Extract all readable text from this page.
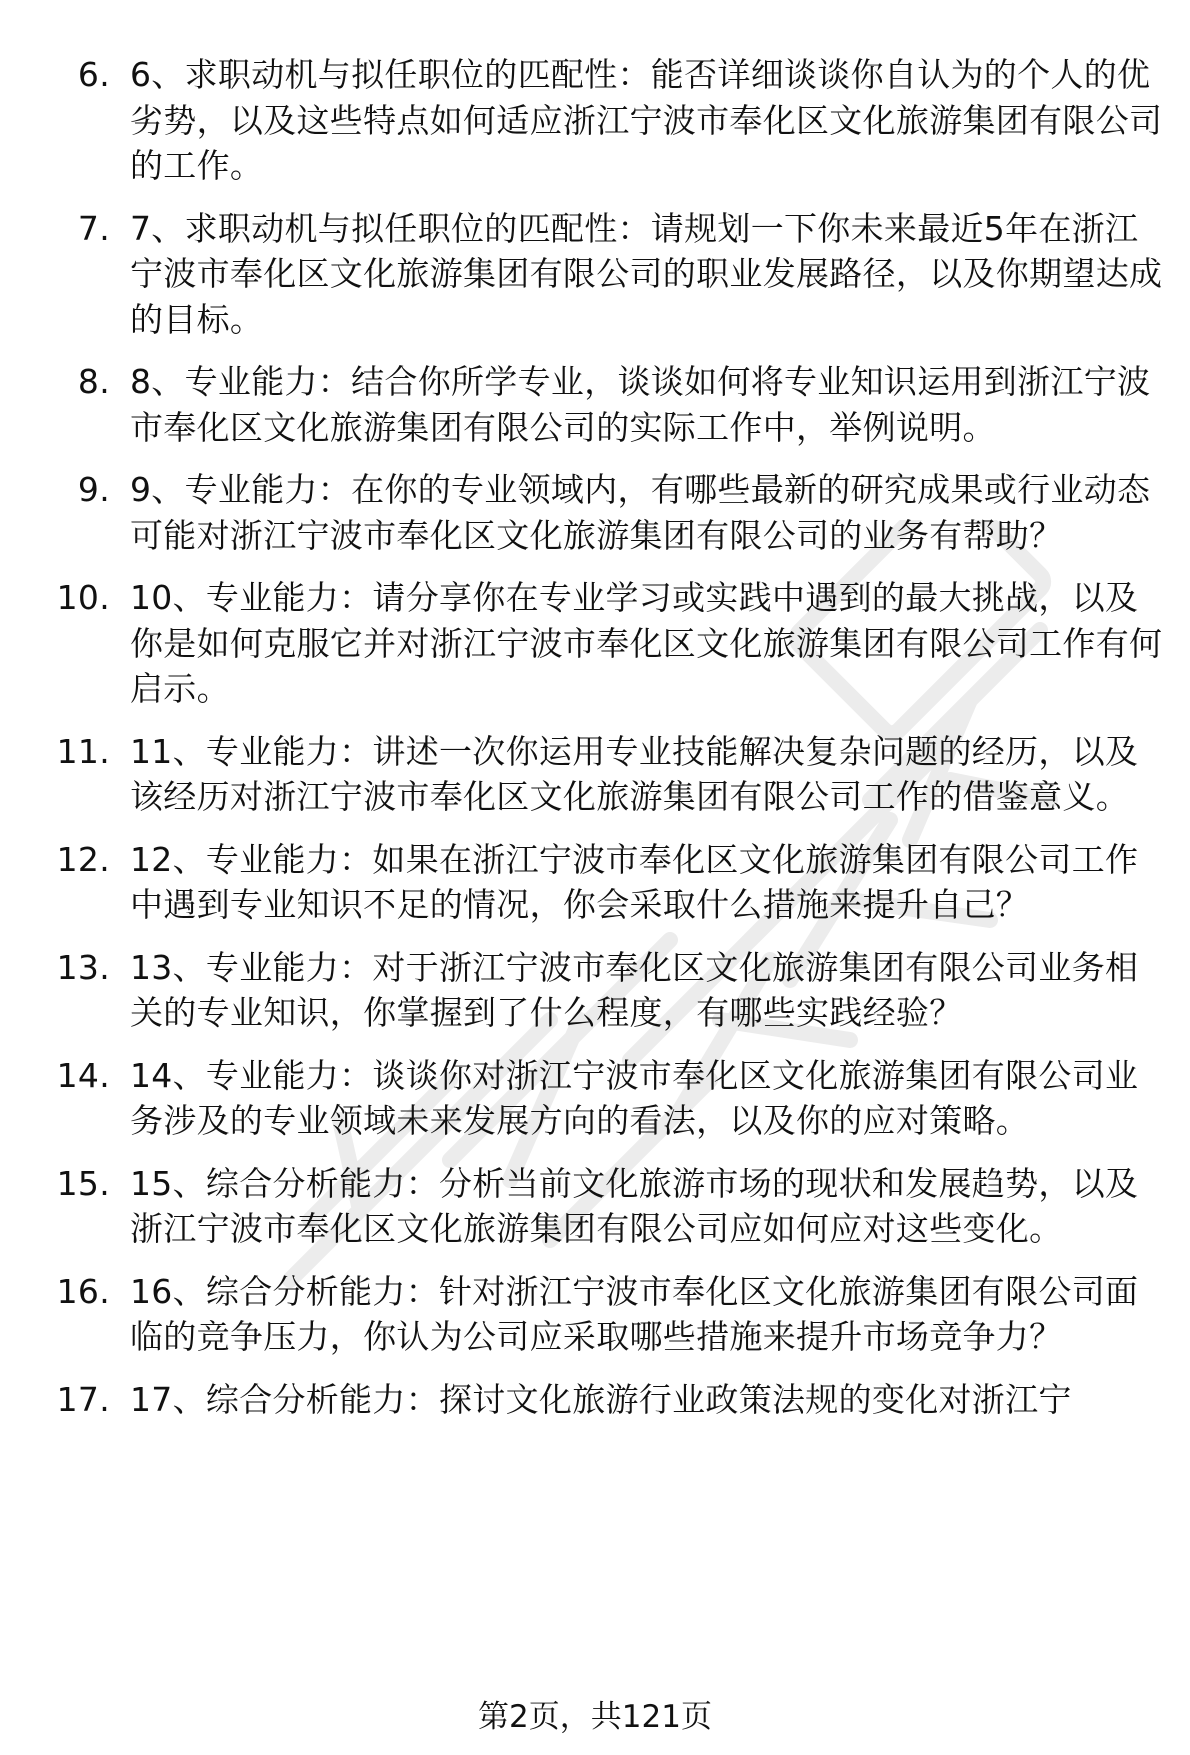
6. 6、求职动机与拟任职位的匹配性：能否详细谈谈你自认为的个人的优劣势，以及这些特点如何适应浙江宁波市奉化区文化旅游集团有限公司的工作。
7. 7、求职动机与拟任职位的匹配性：请规划一下你未来最近5年在浙江宁波市奉化区文化旅游集团有限公司的职业发展路径，以及你期望达成的目标。
8. 8、专业能力：结合你所学专业，谈谈如何将专业知识运用到浙江宁波市奉化区文化旅游集团有限公司的实际工作中，举例说明。
9. 9、专业能力：在你的专业领域内，有哪些最新的研究成果或行业动态可能对浙江宁波市奉化区文化旅游集团有限公司的业务有帮助？
10. 10、专业能力：请分享你在专业学习或实践中遇到的最大挑战，以及你是如何克服它并对浙江宁波市奉化区文化旅游集团有限公司工作有何启示。
11. 11、专业能力：讲述一次你运用专业技能解决复杂问题的经历，以及该经历对浙江宁波市奉化区文化旅游集团有限公司工作的借鉴意义。
12. 12、专业能力：如果在浙江宁波市奉化区文化旅游集团有限公司工作中遇到专业知识不足的情况，你会采取什么措施来提升自己？
13. 13、专业能力：对于浙江宁波市奉化区文化旅游集团有限公司业务相关的专业知识，你掌握到了什么程度，有哪些实践经验？
14. 14、专业能力：谈谈你对浙江宁波市奉化区文化旅游集团有限公司业务涉及的专业领域未来发展方向的看法，以及你的应对策略。
15. 15、综合分析能力：分析当前文化旅游市场的现状和发展趋势，以及浙江宁波市奉化区文化旅游集团有限公司应如何应对这些变化。
16. 16、综合分析能力：针对浙江宁波市奉化区文化旅游集团有限公司面临的竞争压力，你认为公司应采取哪些措施来提升市场竞争力？
17. 17、综合分析能力：探讨文化旅游行业政策法规的变化对浙江宁
第2页，共121页
